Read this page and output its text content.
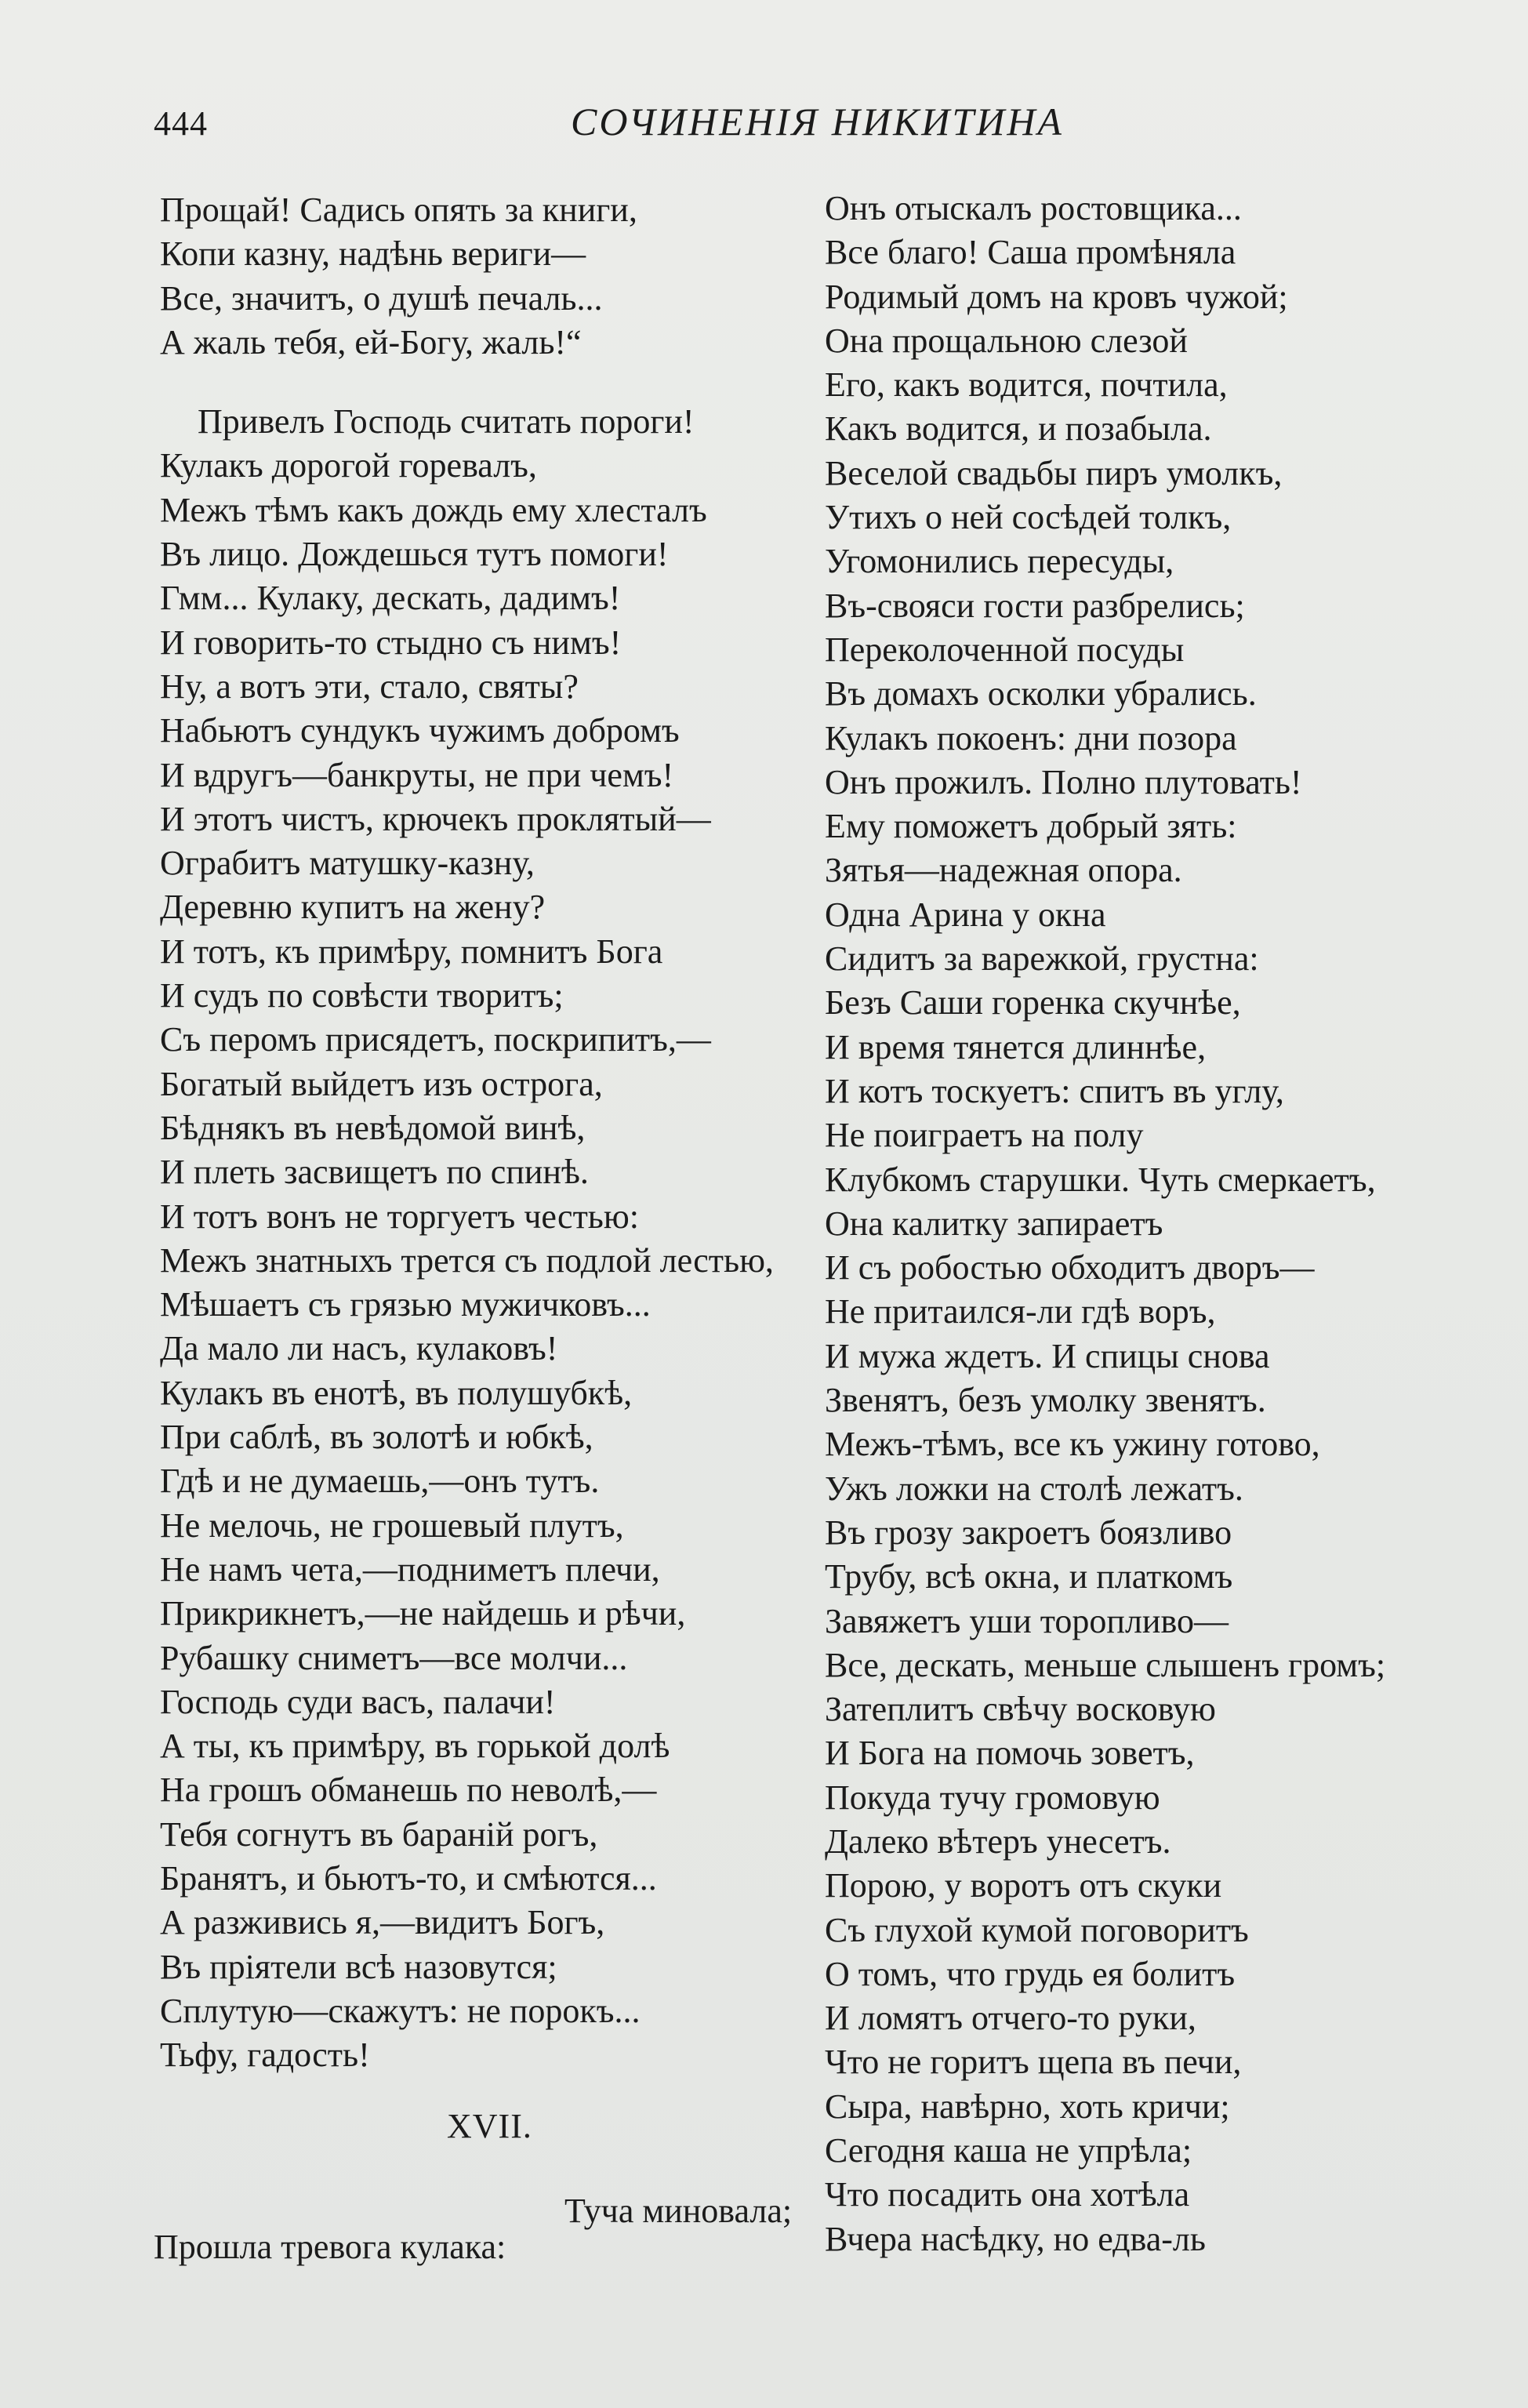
444	СОЧИНЕНІЯ НИКИТИНА
Прощай! Садись опять за книги,
Копи казну, надѣнь вериги—
Все, значитъ, о душѣ печаль...
А жаль тебя, ей-Богу, жаль!“
Привелъ Господь считать пороги!
Кулакъ дорогой горевалъ,
Межъ тѣмъ какъ дождь ему хлесталъ
Въ лицо. Дождешься тутъ помоги!
Гмм... Кулаку, дескать, дадимъ!
И говорить-то стыдно съ нимъ!
Ну, а вотъ эти, стало, святы?
Набьютъ сундукъ чужимъ добромъ
И вдругъ—банкруты, не при чемъ!
И этотъ чистъ, крючекъ проклятый—
Ограбитъ матушку-казну,
Деревню купитъ на жену?
И тотъ, къ примѣру, помнитъ Бога
И судъ по совѣсти творитъ;
Съ перомъ присядетъ, поскрипитъ,—
Богатый выйдетъ изъ острога,
Бѣднякъ въ невѣдомой винѣ,
И плеть засвищетъ по спинѣ.
И тотъ вонъ не торгуетъ честью:
Межъ знатныхъ трется съ подлой лестью,
Мѣшаетъ съ грязью мужичковъ...
Да мало ли насъ, кулаковъ!
Кулакъ въ енотѣ, въ полушубкѣ,
При саблѣ, въ золотѣ и юбкѣ,
Гдѣ и не думаешь,—онъ тутъ.
Не мелочь, не грошевый плутъ,
Не намъ чета,—подниметъ плечи,
Прикрикнетъ,—не найдешь и рѣчи,
Рубашку сниметъ—все молчи...
Господь суди васъ, палачи!
А ты, къ примѣру, въ горькой долѣ
На грошъ обманешь по неволѣ,—
Тебя согнутъ въ бараній рогъ,
Бранятъ, и бьютъ-то, и смѣются...
А разживись я,—видитъ Богъ,
Въ пріятели всѣ назовутся;
Сплутую—скажутъ: не порокъ...
Тьфу, гадость!
XVII.
Туча миновала;
Прошла тревога кулака:
Онъ отыскалъ ростовщика...
Все благо! Саша промѣняла
Родимый домъ на кровъ чужой;
Она прощальною слезой
Его, какъ водится, почтила,
Какъ водится, и позабыла.
Веселой свадьбы пиръ умолкъ,
Утихъ о ней сосѣдей толкъ,
Угомонились пересуды,
Въ-свояси гости разбрелись;
Переколоченной посуды
Въ домахъ осколки убрались.
Кулакъ покоенъ: дни позора
Онъ прожилъ. Полно плутовать!
Ему поможетъ добрый зять:
Зятья—надежная опора.
Одна Арина у окна
Сидитъ за варежкой, грустна:
Безъ Саши горенка скучнѣе,
И время тянется длиннѣе,
И котъ тоскуетъ: спитъ въ углу,
Не поиграетъ на полу
Клубкомъ старушки. Чуть смеркаетъ,
Она калитку запираетъ
И съ робостью обходитъ дворъ—
Не притаился-ли гдѣ воръ,
И мужа ждетъ. И спицы снова
Звенятъ, безъ умолку звенятъ.
Межъ-тѣмъ, все къ ужину готово,
Ужъ ложки на столѣ лежатъ.
Въ грозу закроетъ боязливо
Трубу, всѣ окна, и платкомъ
Завяжетъ уши торопливо—
Все, дескать, меньше слышенъ громъ;
Затеплитъ свѣчу восковую
И Бога на помочь зоветъ,
Покуда тучу громовую
Далеко вѣтеръ унесетъ.
Порою, у воротъ отъ скуки
Съ глухой кумой поговоритъ
О томъ, что грудь ея болитъ
И ломятъ отчего-то руки,
Что не горитъ щепа въ печи,
Сыра, навѣрно, хоть кричи;
Сегодня каша не упрѣла;
Что посадить она хотѣла
Вчера насѣдку, но едва-ль
